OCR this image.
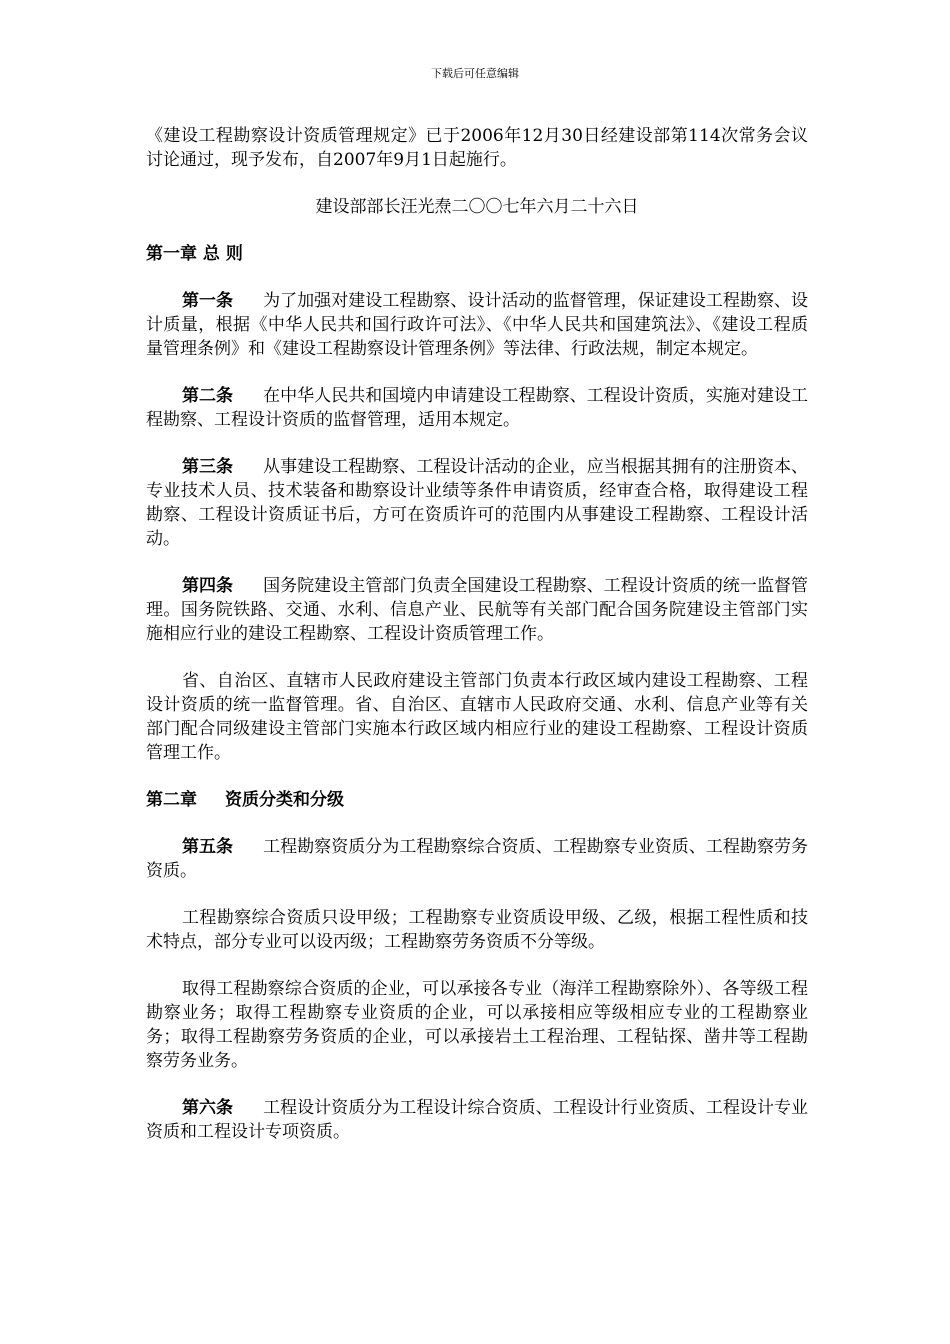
下载后可任意编辑

《建设工程勘察设计资质管理规定》已于2006年12月30日经建设部第114次常务会议讨论通过，现予发布，自2007年9月1日起施行。

建设部部长汪光焘二〇〇七年六月二十六日

第一章 总 则

第一条 为了加强对建设工程勘察、设计活动的监督管理，保证建设工程勘察、设计质量，根据《中华人民共和国行政许可法》、《中华人民共和国建筑法》、《建设工程质量管理条例》和《建设工程勘察设计管理条例》等法律、行政法规，制定本规定。

第二条 在中华人民共和国境内申请建设工程勘察、工程设计资质，实施对建设工程勘察、工程设计资质的监督管理，适用本规定。

第三条 从事建设工程勘察、工程设计活动的企业，应当根据其拥有的注册资本、专业技术人员、技术装备和勘察设计业绩等条件申请资质，经审查合格，取得建设工程勘察、工程设计资质证书后，方可在资质许可的范围内从事建设工程勘察、工程设计活动。

第四条 国务院建设主管部门负责全国建设工程勘察、工程设计资质的统一监督管理。国务院铁路、交通、水利、信息产业、民航等有关部门配合国务院建设主管部门实施相应行业的建设工程勘察、工程设计资质管理工作。

省、自治区、直辖市人民政府建设主管部门负责本行政区域内建设工程勘察、工程设计资质的统一监督管理。省、自治区、直辖市人民政府交通、水利、信息产业等有关部门配合同级建设主管部门实施本行政区域内相应行业的建设工程勘察、工程设计资质管理工作。

第二章 资质分类和分级

第五条 工程勘察资质分为工程勘察综合资质、工程勘察专业资质、工程勘察劳务资质。

工程勘察综合资质只设甲级；工程勘察专业资质设甲级、乙级，根据工程性质和技术特点，部分专业可以设丙级；工程勘察劳务资质不分等级。

取得工程勘察综合资质的企业，可以承接各专业（海洋工程勘察除外）、各等级工程勘察业务；取得工程勘察专业资质的企业，可以承接相应等级相应专业的工程勘察业务；取得工程勘察劳务资质的企业，可以承接岩土工程治理、工程钻探、凿井等工程勘察劳务业务。

第六条 工程设计资质分为工程设计综合资质、工程设计行业资质、工程设计专业资质和工程设计专项资质。
